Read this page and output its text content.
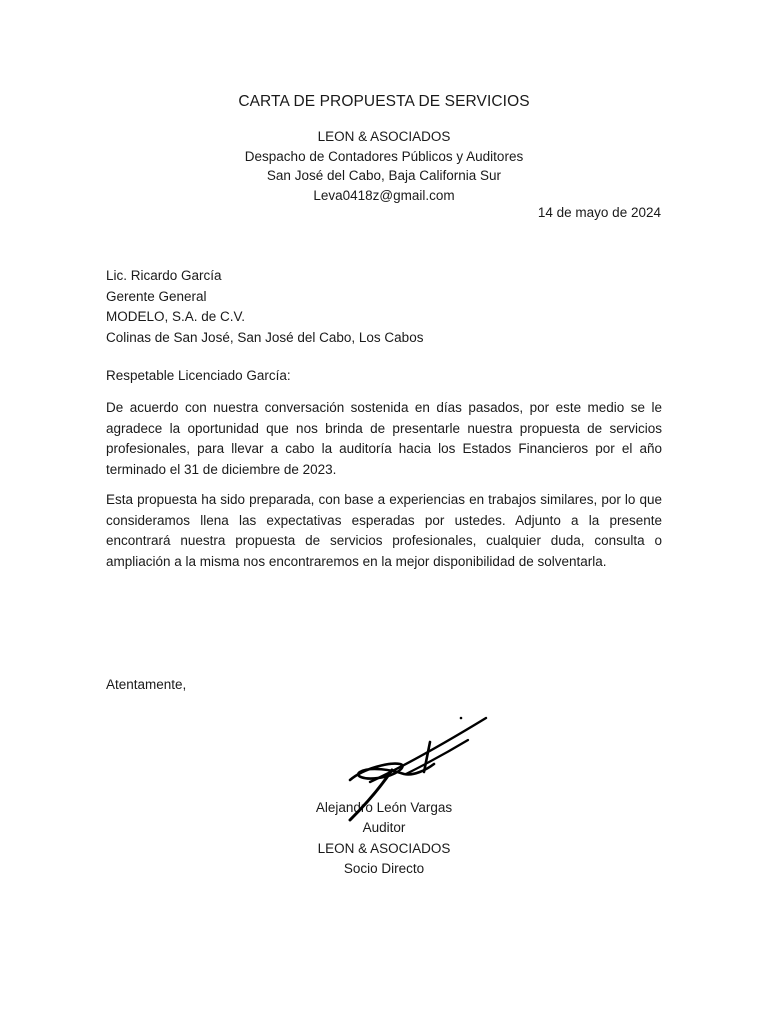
CARTA DE PROPUESTA DE SERVICIOS
LEON & ASOCIADOS
Despacho de Contadores Públicos y Auditores
San José del Cabo, Baja California Sur
Leva0418z@gmail.com
14 de mayo de 2024
Lic. Ricardo García
Gerente General
MODELO, S.A. de C.V.
Colinas de San José, San José del Cabo, Los Cabos
Respetable Licenciado García:

De acuerdo con nuestra conversación sostenida en días pasados, por este medio se le agradece la oportunidad que nos brinda de presentarle nuestra propuesta de servicios profesionales, para llevar a cabo la auditoría hacia los Estados Financieros por el año terminado el 31 de diciembre de 2023.

Esta propuesta ha sido preparada, con base a experiencias en trabajos similares, por lo que consideramos llena las expectativas esperadas por ustedes. Adjunto a la presente encontrará nuestra propuesta de servicios profesionales, cualquier duda, consulta o ampliación a la misma nos encontraremos en la mejor disponibilidad de solventarla.

Atentamente,
Alejandro León Vargas
Auditor
LEON & ASOCIADOS
Socio Directo
